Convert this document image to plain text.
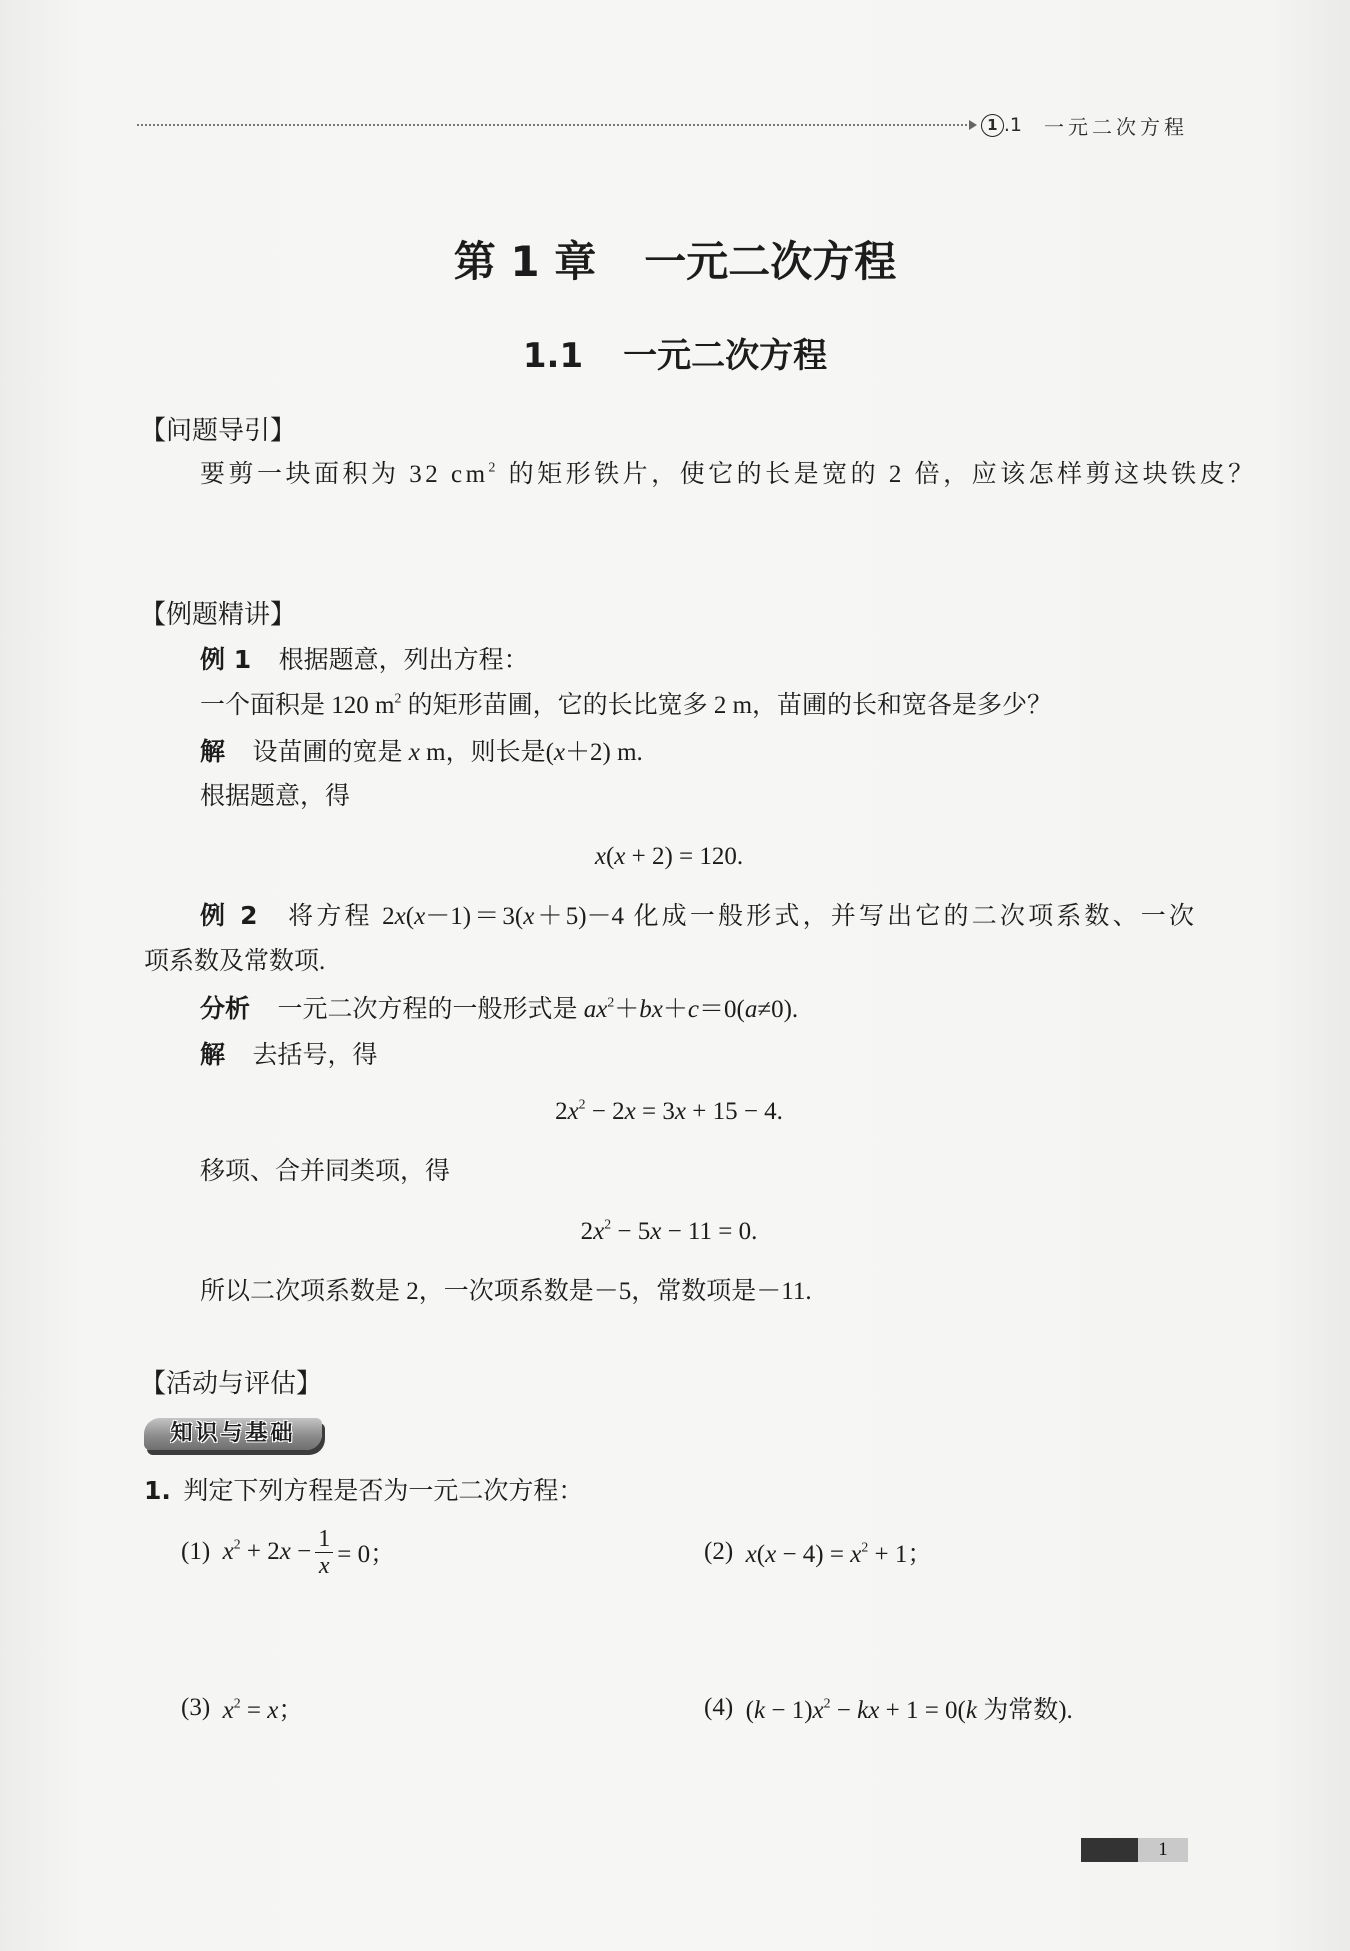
1 .1 一元二次方程
第 1 章 一元二次方程
1.1 一元二次方程
【问题导引】
要剪一块面积为 32 $cm^2$ 的矩形铁片，使它的长是宽的 2 倍，应该怎样剪这块铁皮？
【例题精讲】
例 1 根据题意，列出方程：
一个面积是 120 $m^2$ 的矩形苗圃，它的长比宽多 2 m，苗圃的长和宽各是多少？
解 设苗圃的宽是 x m，则长是(x＋2) m.
根据题意，得
x(x + 2) = 120.
例 2 将方程 2x(x－1)＝3(x＋5)－4 化成一般形式，并写出它的二次项系数、一次
项系数及常数项.
分析 一元二次方程的一般形式是 $ax^2+bx+c=0(a\ne 0)$.
解 去括号，得
$2x^2 - 2x = 3x + 15 - 4$.
移项、合并同类项，得
$2x^2 - 5x - 11 = 0$.
所以二次项系数是 2，一次项系数是－5，常数项是－11.
【活动与评估】
知识与基础
1. 判定下列方程是否为一元二次方程：
(1) $x^2 + 2x - \frac{1}{x} = 0$；	(2) $x(x - 4) = x^2 + 1$；
(3) $x^2 = x$；	(4) $(k - 1)x^2$ − kx + 1 = 0(k 为常数).
1
